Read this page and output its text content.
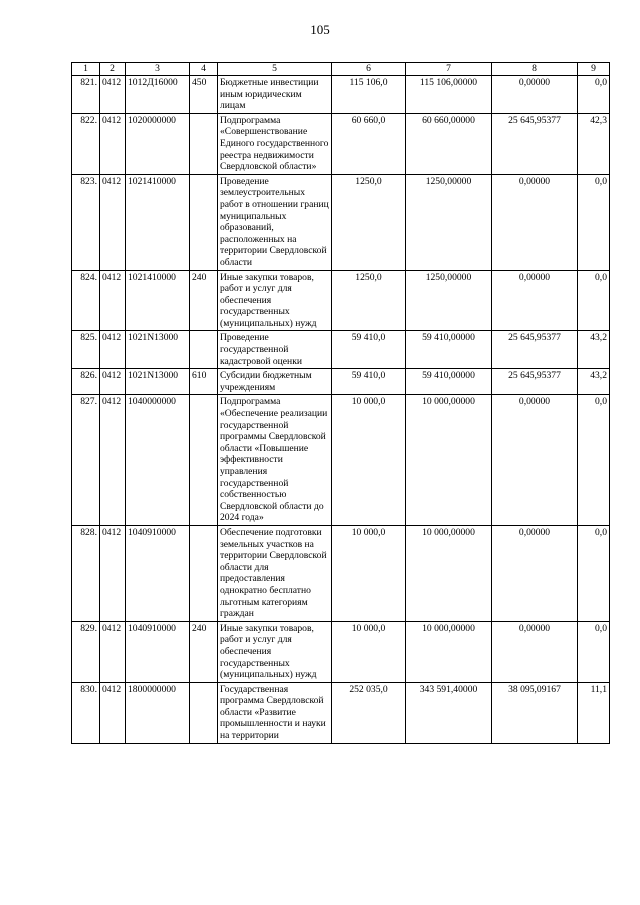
105
1	2	3	4	5	6	7	8	9
821.	0412	1012Д16000	450	Бюджетные инвестиции иным юридическим лицам	115 106,0	115 106,00000	0,00000	0,0
822.	0412	1020000000		Подпрограмма «Совершенствование Единого государственного реестра недвижимости Свердловской области»	60 660,0	60 660,00000	25 645,95377	42,3
823.	0412	1021410000		Проведение землеустроительных работ в отношении границ муниципальных образований, расположенных на территории Свердловской области	1250,0	1250,00000	0,00000	0,0
824.	0412	1021410000	240	Иные закупки товаров, работ и услуг для обеспечения государственных (муниципальных) нужд	1250,0	1250,00000	0,00000	0,0
825.	0412	1021N13000		Проведение государственной кадастровой оценки	59 410,0	59 410,00000	25 645,95377	43,2
826.	0412	1021N13000	610	Субсидии бюджетным учреждениям	59 410,0	59 410,00000	25 645,95377	43,2
827.	0412	1040000000		Подпрограмма «Обеспечение реализации государственной программы Свердловской области «Повышение эффективности управления государственной собственностью Свердловской области до 2024 года»	10 000,0	10 000,00000	0,00000	0,0
828.	0412	1040910000		Обеспечение подготовки земельных участков на территории Свердловской области для предоставления однократно бесплатно льготным категориям граждан	10 000,0	10 000,00000	0,00000	0,0
829.	0412	1040910000	240	Иные закупки товаров, работ и услуг для обеспечения государственных (муниципальных) нужд	10 000,0	10 000,00000	0,00000	0,0
830.	0412	1800000000		Государственная программа Свердловской области «Развитие промышленности и науки на территории	252 035,0	343 591,40000	38 095,09167	11,1
